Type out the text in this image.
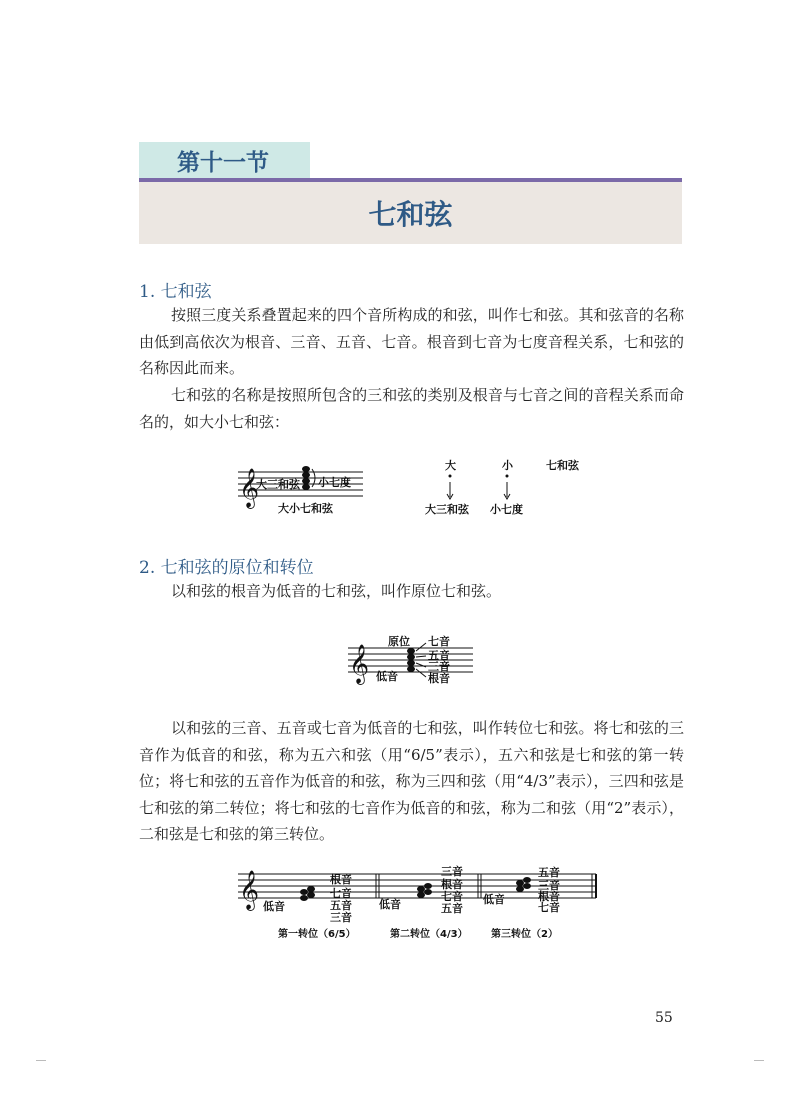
第十一节
七和弦
1. 七和弦

按照三度关系叠置起来的四个音所构成的和弦，叫作七和弦。其和弦音的名称由低到高依次为根音、三音、五音、七音。根音到七音为七度音程关系，七和弦的名称因此而来。

七和弦的名称是按照所包含的三和弦的类别及根音与七音之间的音程关系而命名的，如大小七和弦：

𝄞
大三和弦 小七度
大小七和弦
大	小	七和弦
大三和弦 小七度
2. 七和弦的原位和转位

以和弦的根音为低音的七和弦，叫作原位七和弦。

𝄞
原位
低音
七音
五音
三音
根音

以和弦的三音、五音或七音为低音的七和弦，叫作转位七和弦。将七和弦的三音作为低音的和弦，称为五六和弦（用“6/5”表示），五六和弦是七和弦的第一转位；将七和弦的五音作为低音的和弦，称为三四和弦（用“4/3”表示），三四和弦是七和弦的第二转位；将七和弦的七音作为低音的和弦，称为二和弦（用“2”表示），二和弦是七和弦的第三转位。

𝄞 低音
根音
七音
五音
三音
第一转位（6/5）
低音
三音
根音
七音
五音
第二转位（4/3）
低音
五音
三音
根音
七音
第三转位（2）
55
